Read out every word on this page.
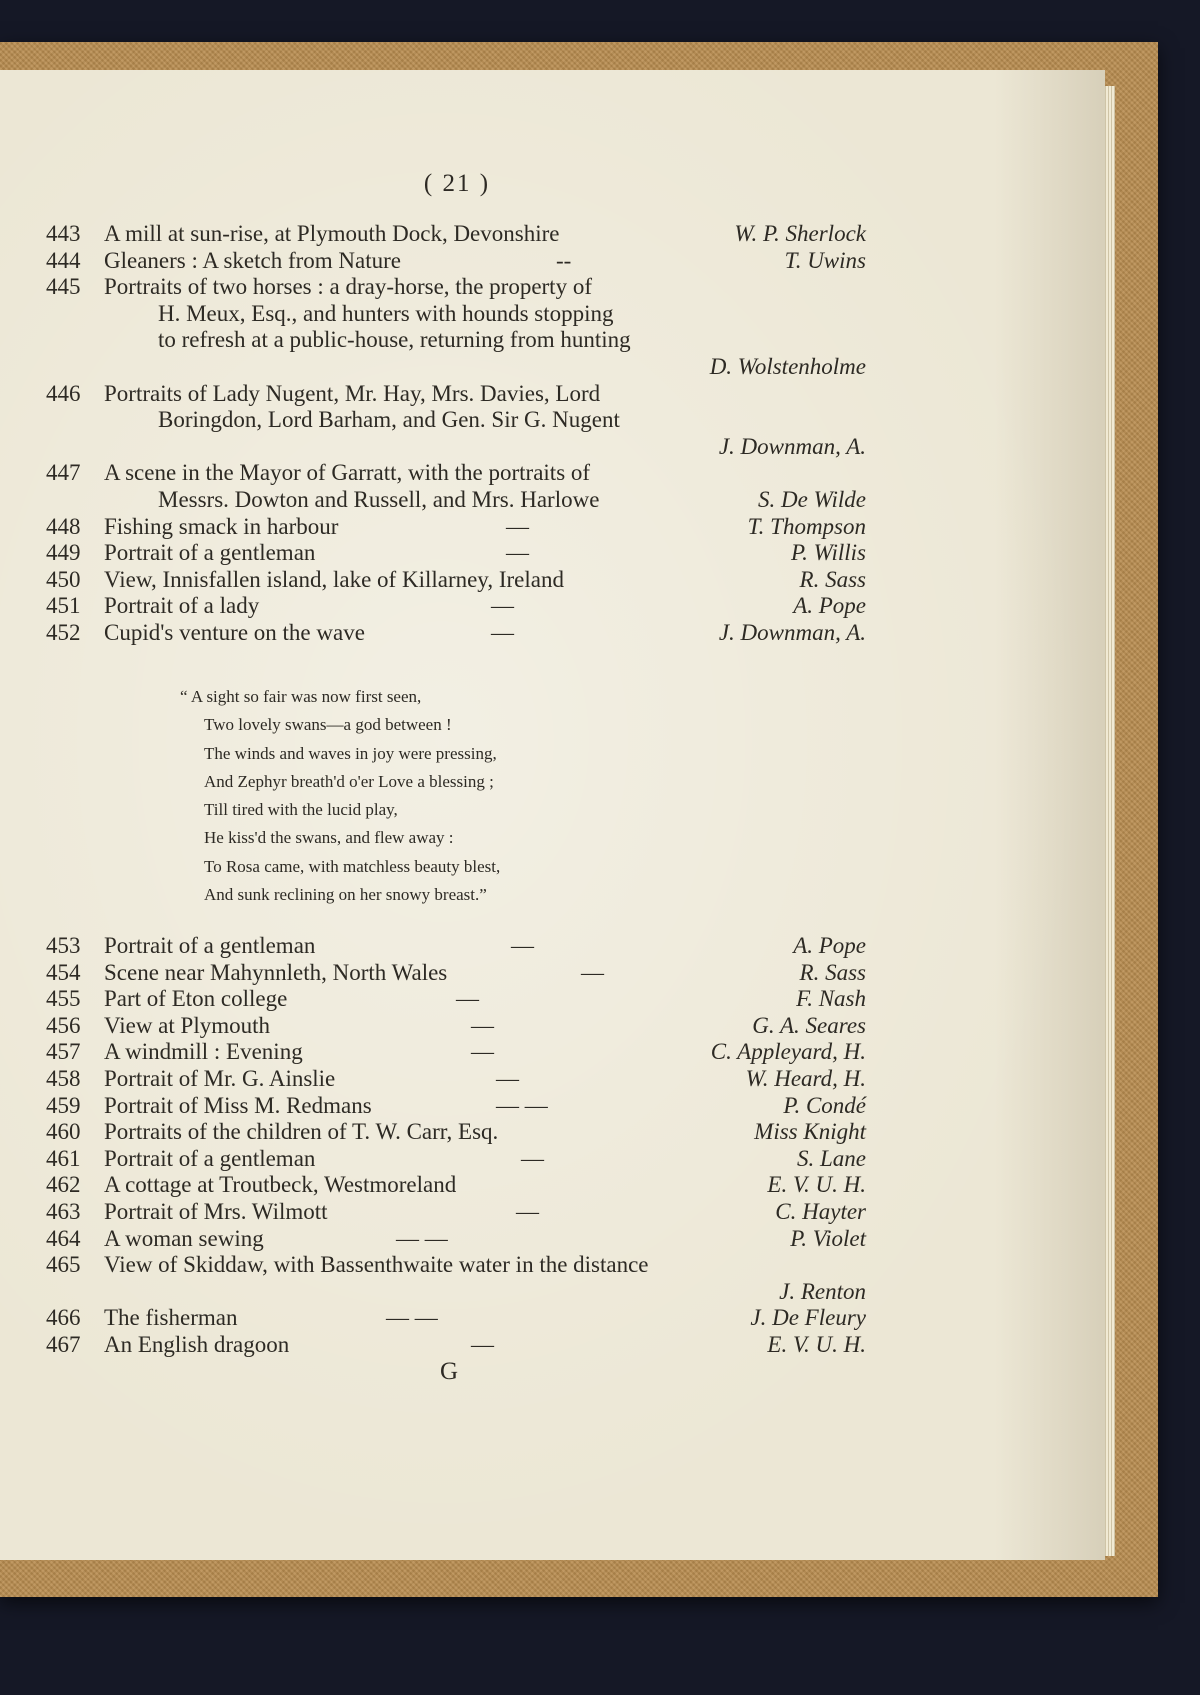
( 21 )
443	A mill at sun-rise, at Plymouth Dock, Devonshire	W. P. Sherlock
444	Gleaners : A sketch from Nature	--	T. Uwins
445	Portraits of two horses : a dray-horse, the property of
H. Meux, Esq., and hunters with hounds stopping
to refresh at a public-house, returning from hunting
D. Wolstenholme
446	Portraits of Lady Nugent, Mr. Hay, Mrs. Davies, Lord
Boringdon, Lord Barham, and Gen. Sir G. Nugent
J. Downman, A.
447	A scene in the Mayor of Garratt, with the portraits of
Messrs. Dowton and Russell, and Mrs. Harlowe	S. De Wilde
448	Fishing smack in harbour	—	T. Thompson
449	Portrait of a gentleman	—	P. Willis
450	View, Innisfallen island, lake of Killarney, Ireland	R. Sass
451	Portrait of a lady	—	A. Pope
452	Cupid's venture on the wave	—	J. Downman, A.
“ A sight so fair was now first seen,
Two lovely swans—a god between !
The winds and waves in joy were pressing,
And Zephyr breath'd o'er Love a blessing ;
Till tired with the lucid play,
He kiss'd the swans, and flew away :
To Rosa came, with matchless beauty blest,
And sunk reclining on her snowy breast.”
453	Portrait of a gentleman	—	A. Pope
454	Scene near Mahynnleth, North Wales	—	R. Sass
455	Part of Eton college	—	F. Nash
456	View at Plymouth	—	G. A. Seares
457	A windmill : Evening	—	C. Appleyard, H.
458	Portrait of Mr. G. Ainslie	—	W. Heard, H.
459	Portrait of Miss M. Redmans	— —	P. Condé
460	Portraits of the children of T. W. Carr, Esq.	Miss Knight
461	Portrait of a gentleman	—	S. Lane
462	A cottage at Troutbeck, Westmoreland	E. V. U. H.
463	Portrait of Mrs. Wilmott	—	C. Hayter
464	A woman sewing	— —	P. Violet
465	View of Skiddaw, with Bassenthwaite water in the distance
J. Renton
466	The fisherman	— —	J. De Fleury
467	An English dragoon	—	E. V. U. H.
G
